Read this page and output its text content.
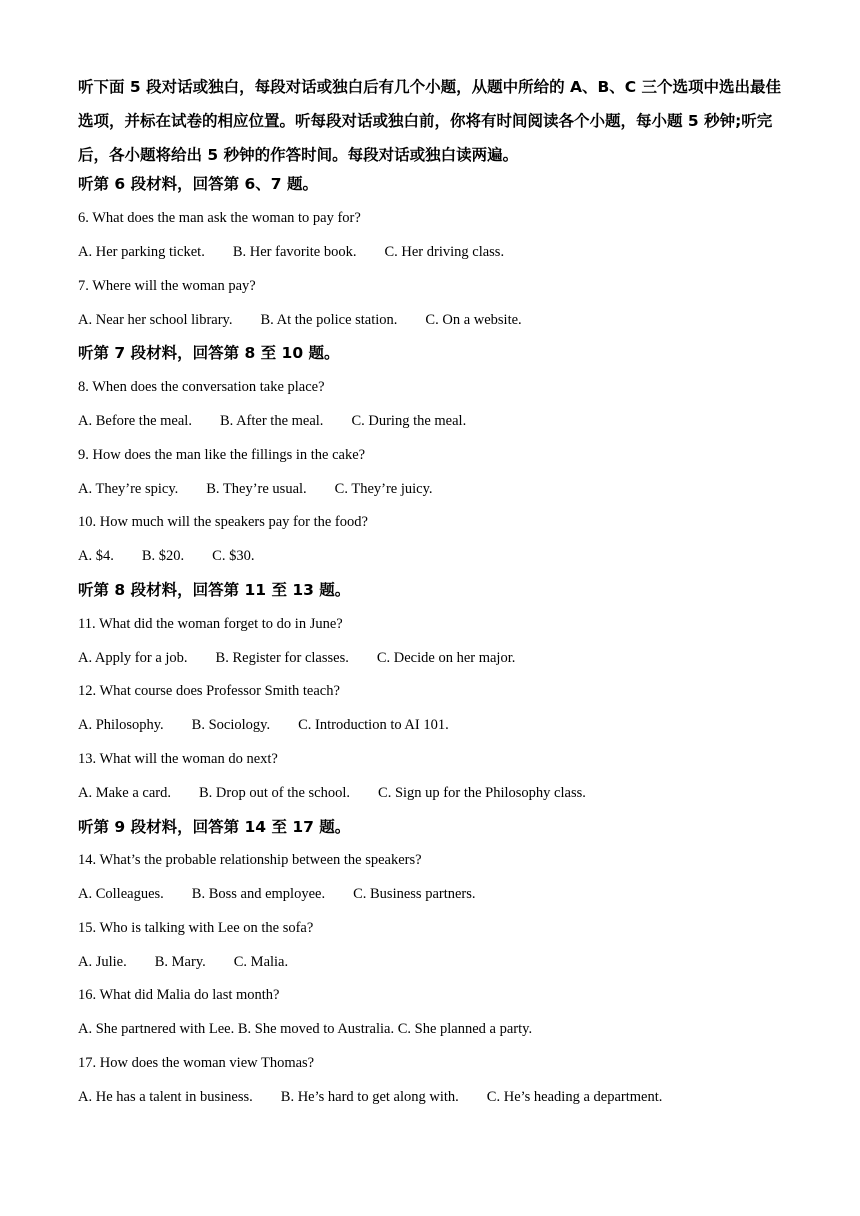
听下面 5 段对话或独白，每段对话或独白后有几个小题，从题中所给的 A、B、C 三个选项中选出最佳选项，并标在试卷的相应位置。听每段对话或独白前，你将有时间阅读各个小题，每小题 5 秒钟;听完后，各小题将给出 5 秒钟的作答时间。每段对话或独白读两遍。

听第 6 段材料，回答第 6、7 题。

6. What does the man ask the woman to pay for?

A. Her parking ticket. B. Her favorite book. C. Her driving class.

7. Where will the woman pay?

A. Near her school library. B. At the police station. C. On a website.

听第 7 段材料，回答第 8 至 10 题。

8. When does the conversation take place?

A. Before the meal. B. After the meal. C. During the meal.

9. How does the man like the fillings in the cake?

A. They’re spicy. B. They’re usual. C. They’re juicy.

10. How much will the speakers pay for the food?

A. $4. B. $20. C. $30.

听第 8 段材料，回答第 11 至 13 题。

11. What did the woman forget to do in June?

A. Apply for a job. B. Register for classes. C. Decide on her major.

12. What course does Professor Smith teach?

A. Philosophy. B. Sociology. C. Introduction to AI 101.

13. What will the woman do next?

A. Make a card. B. Drop out of the school. C. Sign up for the Philosophy class.

听第 9 段材料，回答第 14 至 17 题。

14. What’s the probable relationship between the speakers?

A. Colleagues. B. Boss and employee. C. Business partners.

15. Who is talking with Lee on the sofa?

A. Julie. B. Mary. C. Malia.

16. What did Malia do last month?

A. She partnered with Lee. B. She moved to Australia. C. She planned a party.

17. How does the woman view Thomas?

A. He has a talent in business. B. He’s hard to get along with. C. He’s heading a department.
